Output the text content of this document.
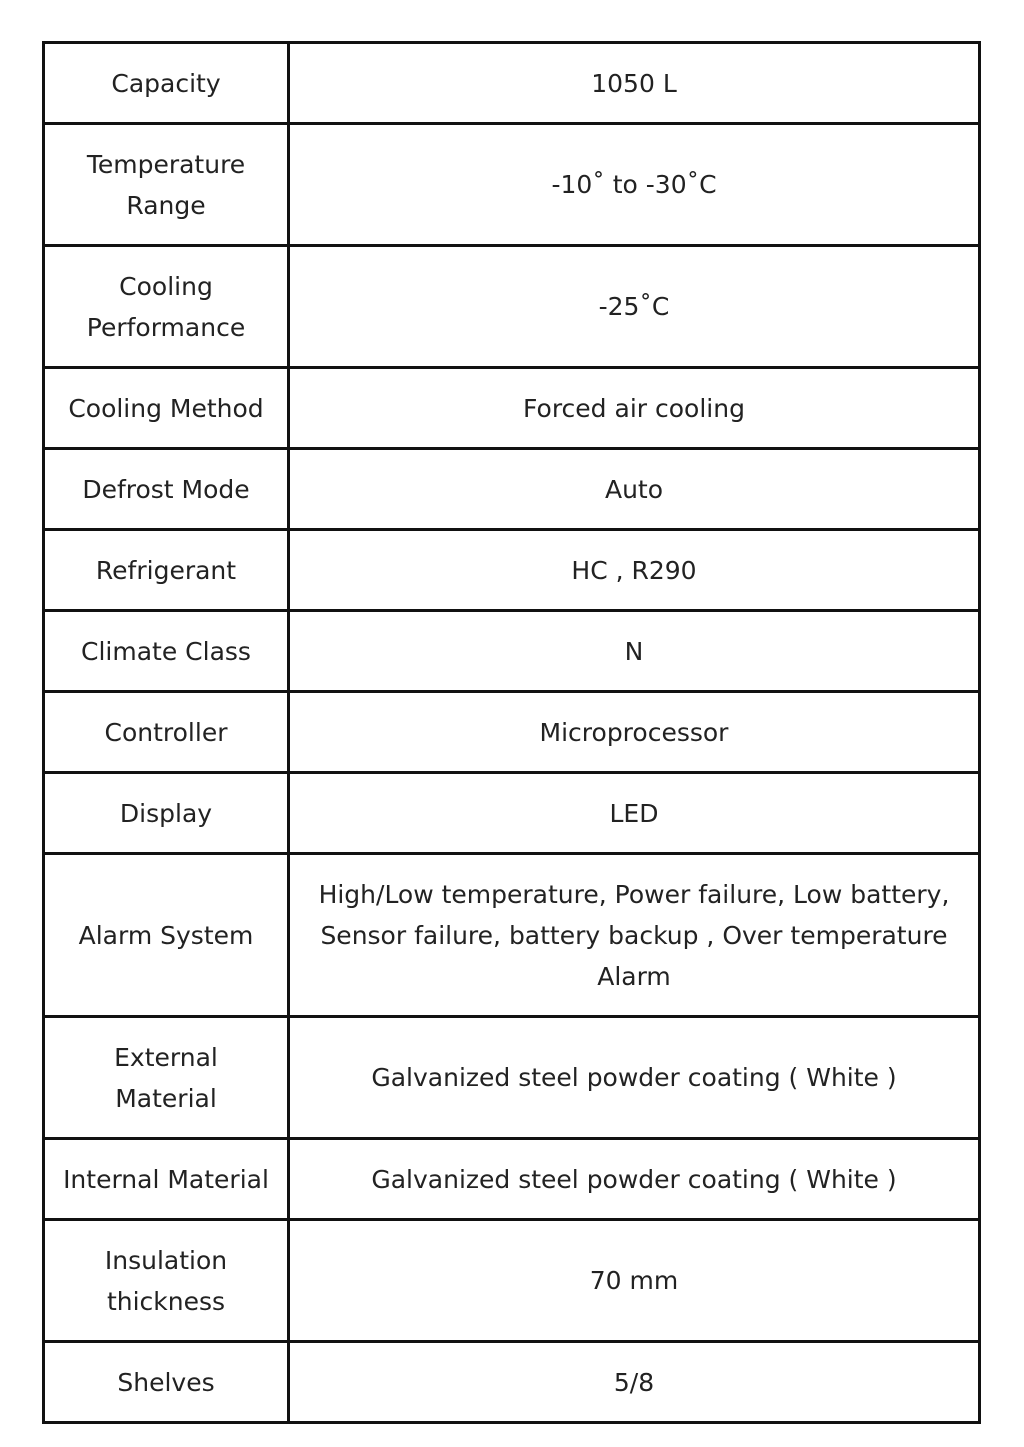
Capacity	1050 L
Temperature Range	-10˚ to -30˚C
Cooling Performance	-25˚C
Cooling Method	Forced air cooling
Defrost Mode	Auto
Refrigerant	HC , R290
Climate Class	N
Controller	Microprocessor
Display	LED
Alarm System	High/Low temperature, Power failure, Low battery, Sensor failure, battery backup , Over temperature Alarm
External Material	Galvanized steel powder coating ( White )
Internal Material	Galvanized steel powder coating ( White )
Insulation thickness	70 mm
Shelves	5/8
